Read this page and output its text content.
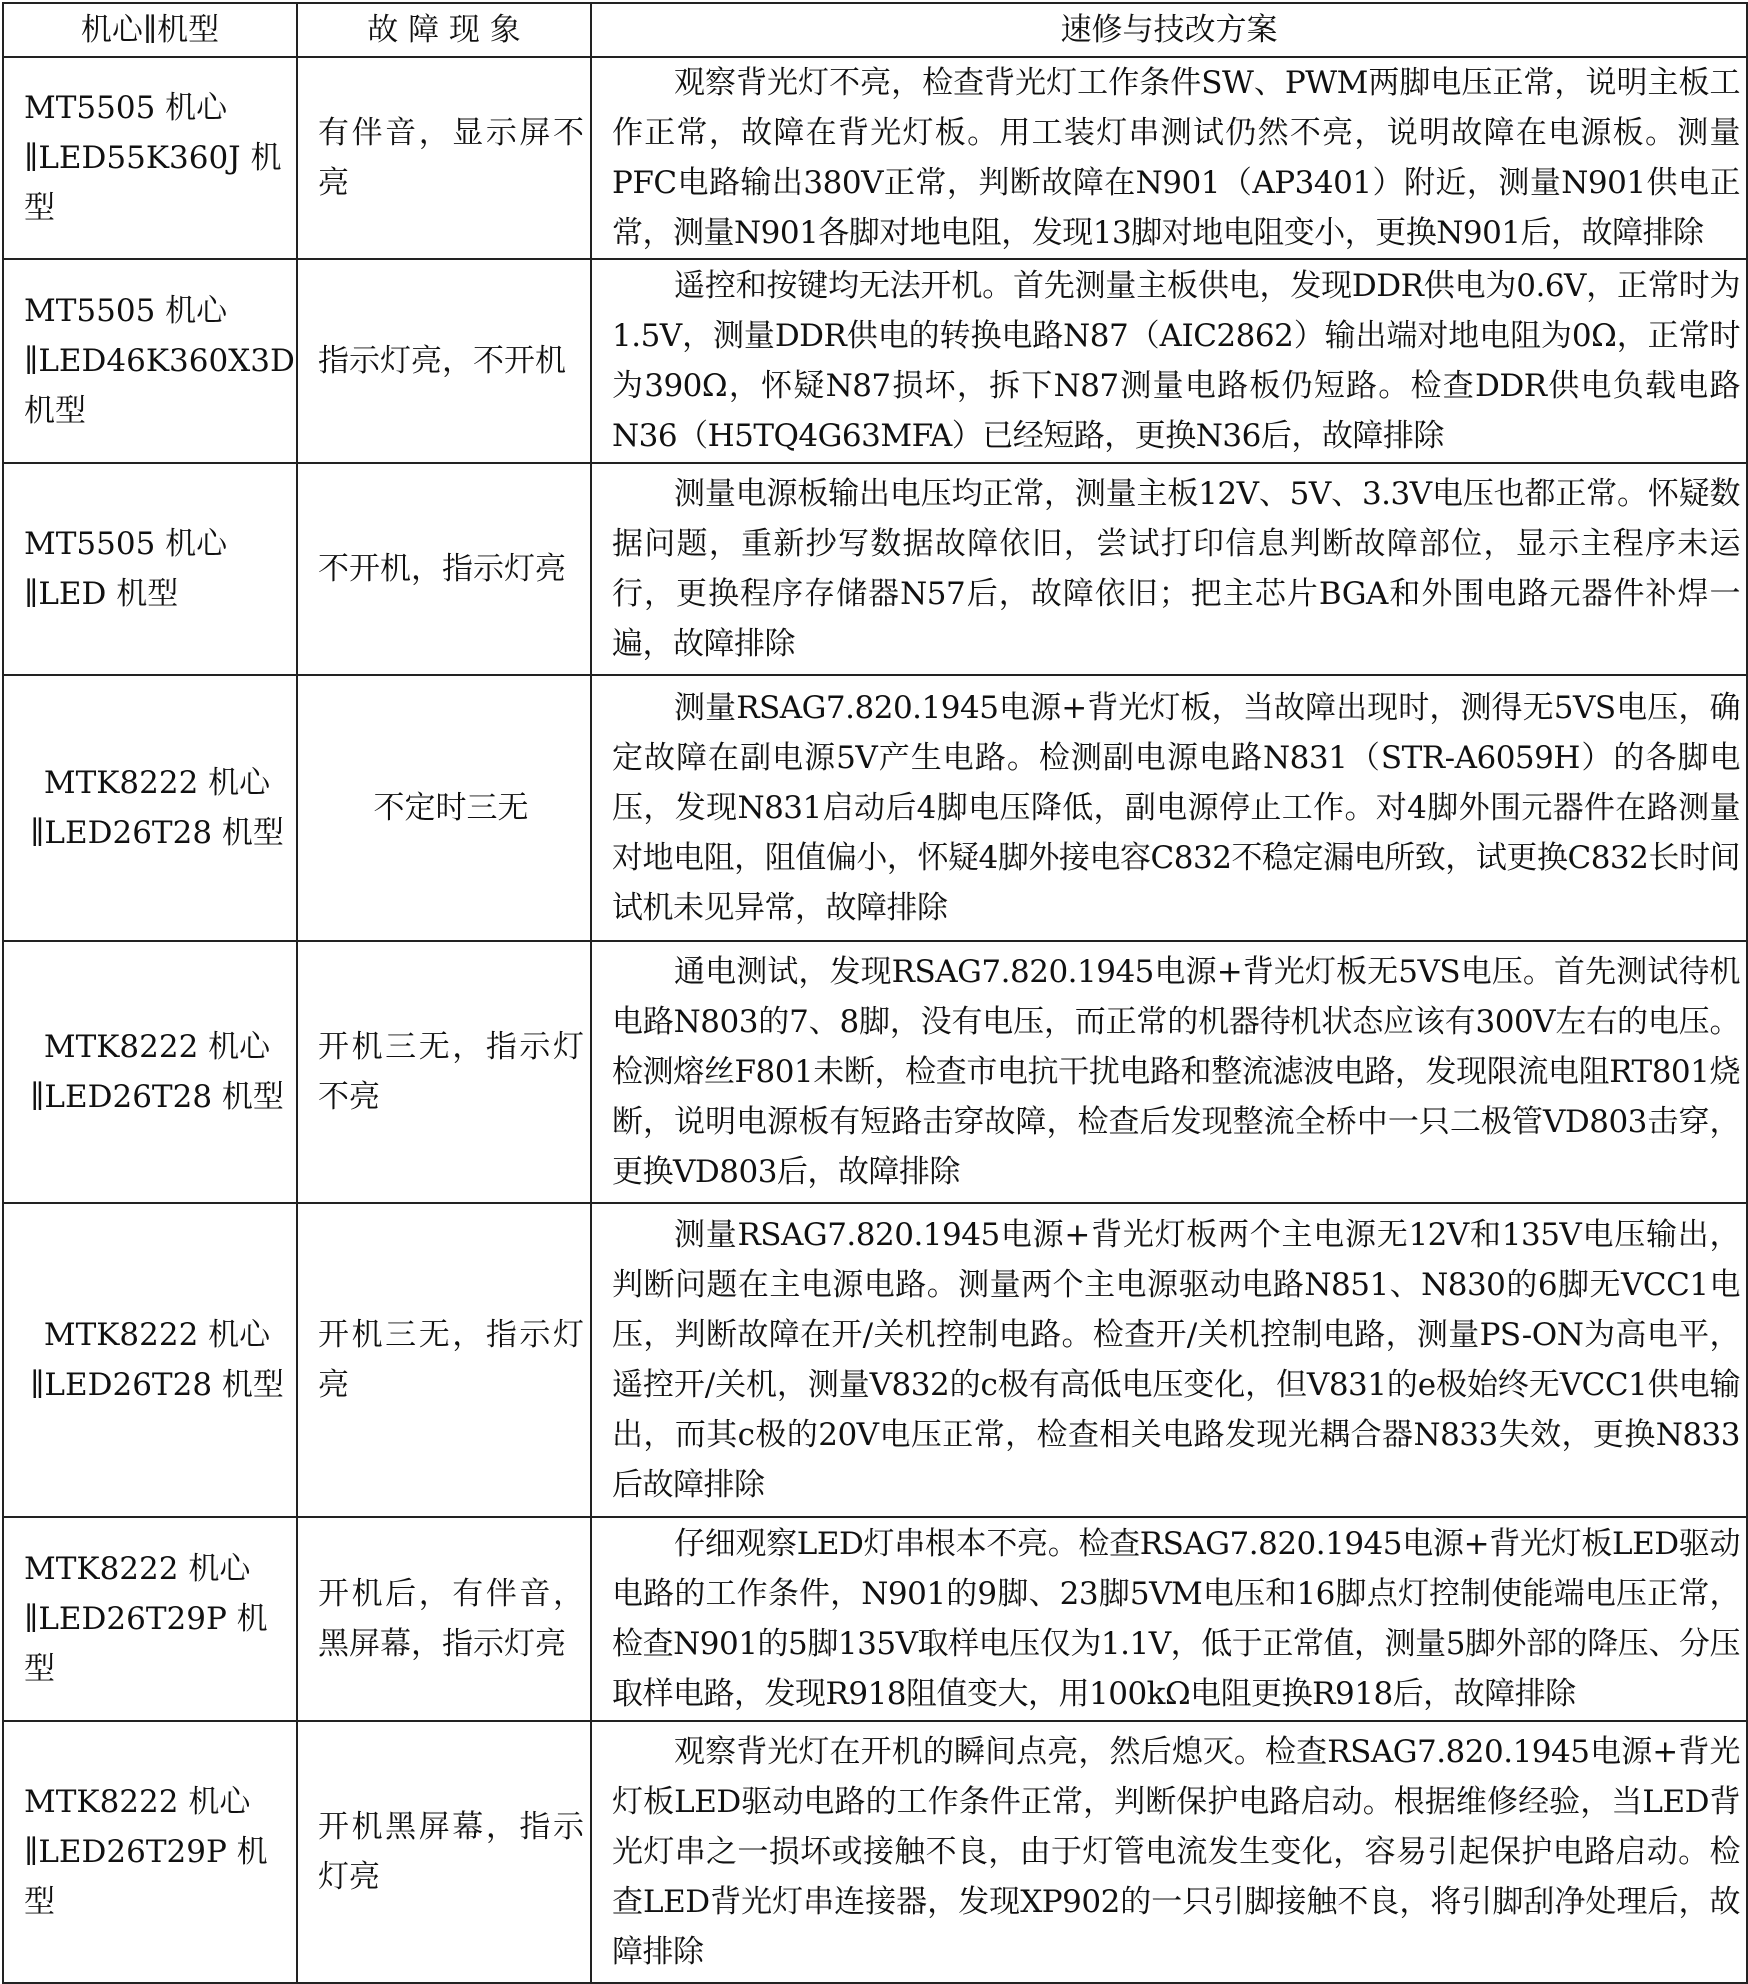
机心∥机型	故 障 现 象	速修与技改方案
MT5505 机心∥LED55K360J 机型	有伴音，显示屏不亮	观察背光灯不亮，检查背光灯工作条件SW、PWM两脚电压正常，说明主板工作正常，故障在背光灯板。用工装灯串测试仍然不亮，说明故障在电源板。测量PFC电路输出380V正常，判断故障在N901（AP3401）附近，测量N901供电正常，测量N901各脚对地电阻，发现13脚对地电阻变小，更换N901后，故障排除
MT5505 机心∥LED46K360X3D 机型	指示灯亮，不开机	遥控和按键均无法开机。首先测量主板供电，发现DDR供电为0.6V，正常时为1.5V，测量DDR供电的转换电路N87（AIC2862）输出端对地电阻为0Ω，正常时为390Ω，怀疑N87损坏，拆下N87测量电路板仍短路。检查DDR供电负载电路N36（H5TQ4G63MFA）已经短路，更换N36后，故障排除
MT5505 机心∥LED 机型	不开机，指示灯亮	测量电源板输出电压均正常，测量主板12V、5V、3.3V电压也都正常。怀疑数据问题，重新抄写数据故障依旧，尝试打印信息判断故障部位，显示主程序未运行，更换程序存储器N57后，故障依旧；把主芯片BGA和外围电路元器件补焊一遍，故障排除
MTK8222 机心∥LED26T28 机型	不定时三无	测量RSAG7.820.1945电源+背光灯板，当故障出现时，测得无5VS电压，确定故障在副电源5V产生电路。检测副电源电路N831（STR-A6059H）的各脚电压，发现N831启动后4脚电压降低，副电源停止工作。对4脚外围元器件在路测量对地电阻，阻值偏小，怀疑4脚外接电容C832不稳定漏电所致，试更换C832长时间试机未见异常，故障排除
MTK8222 机心∥LED26T28 机型	开机三无，指示灯不亮	通电测试，发现RSAG7.820.1945电源+背光灯板无5VS电压。首先测试待机电路N803的7、8脚，没有电压，而正常的机器待机状态应该有300V左右的电压。检测熔丝F801未断，检查市电抗干扰电路和整流滤波电路，发现限流电阻RT801烧断，说明电源板有短路击穿故障，检查后发现整流全桥中一只二极管VD803击穿，更换VD803后，故障排除
MTK8222 机心∥LED26T28 机型	开机三无，指示灯亮	测量RSAG7.820.1945电源+背光灯板两个主电源无12V和135V电压输出，判断问题在主电源电路。测量两个主电源驱动电路N851、N830的6脚无VCC1电压，判断故障在开/关机控制电路。检查开/关机控制电路，测量PS-ON为高电平，遥控开/关机，测量V832的c极有高低电压变化，但V831的e极始终无VCC1供电输出，而其c极的20V电压正常，检查相关电路发现光耦合器N833失效，更换N833后故障排除
MTK8222 机心∥LED26T29P 机型	开机后，有伴音，黑屏幕，指示灯亮	仔细观察LED灯串根本不亮。检查RSAG7.820.1945电源+背光灯板LED驱动电路的工作条件，N901的9脚、23脚5VM电压和16脚点灯控制使能端电压正常，检查N901的5脚135V取样电压仅为1.1V，低于正常值，测量5脚外部的降压、分压取样电路，发现R918阻值变大，用100kΩ电阻更换R918后，故障排除
MTK8222 机心∥LED26T29P 机型	开机黑屏幕，指示灯亮	观察背光灯在开机的瞬间点亮，然后熄灭。检查RSAG7.820.1945电源+背光灯板LED驱动电路的工作条件正常，判断保护电路启动。根据维修经验，当LED背光灯串之一损坏或接触不良，由于灯管电流发生变化，容易引起保护电路启动。检查LED背光灯串连接器，发现XP902的一只引脚接触不良，将引脚刮净处理后，故障排除
